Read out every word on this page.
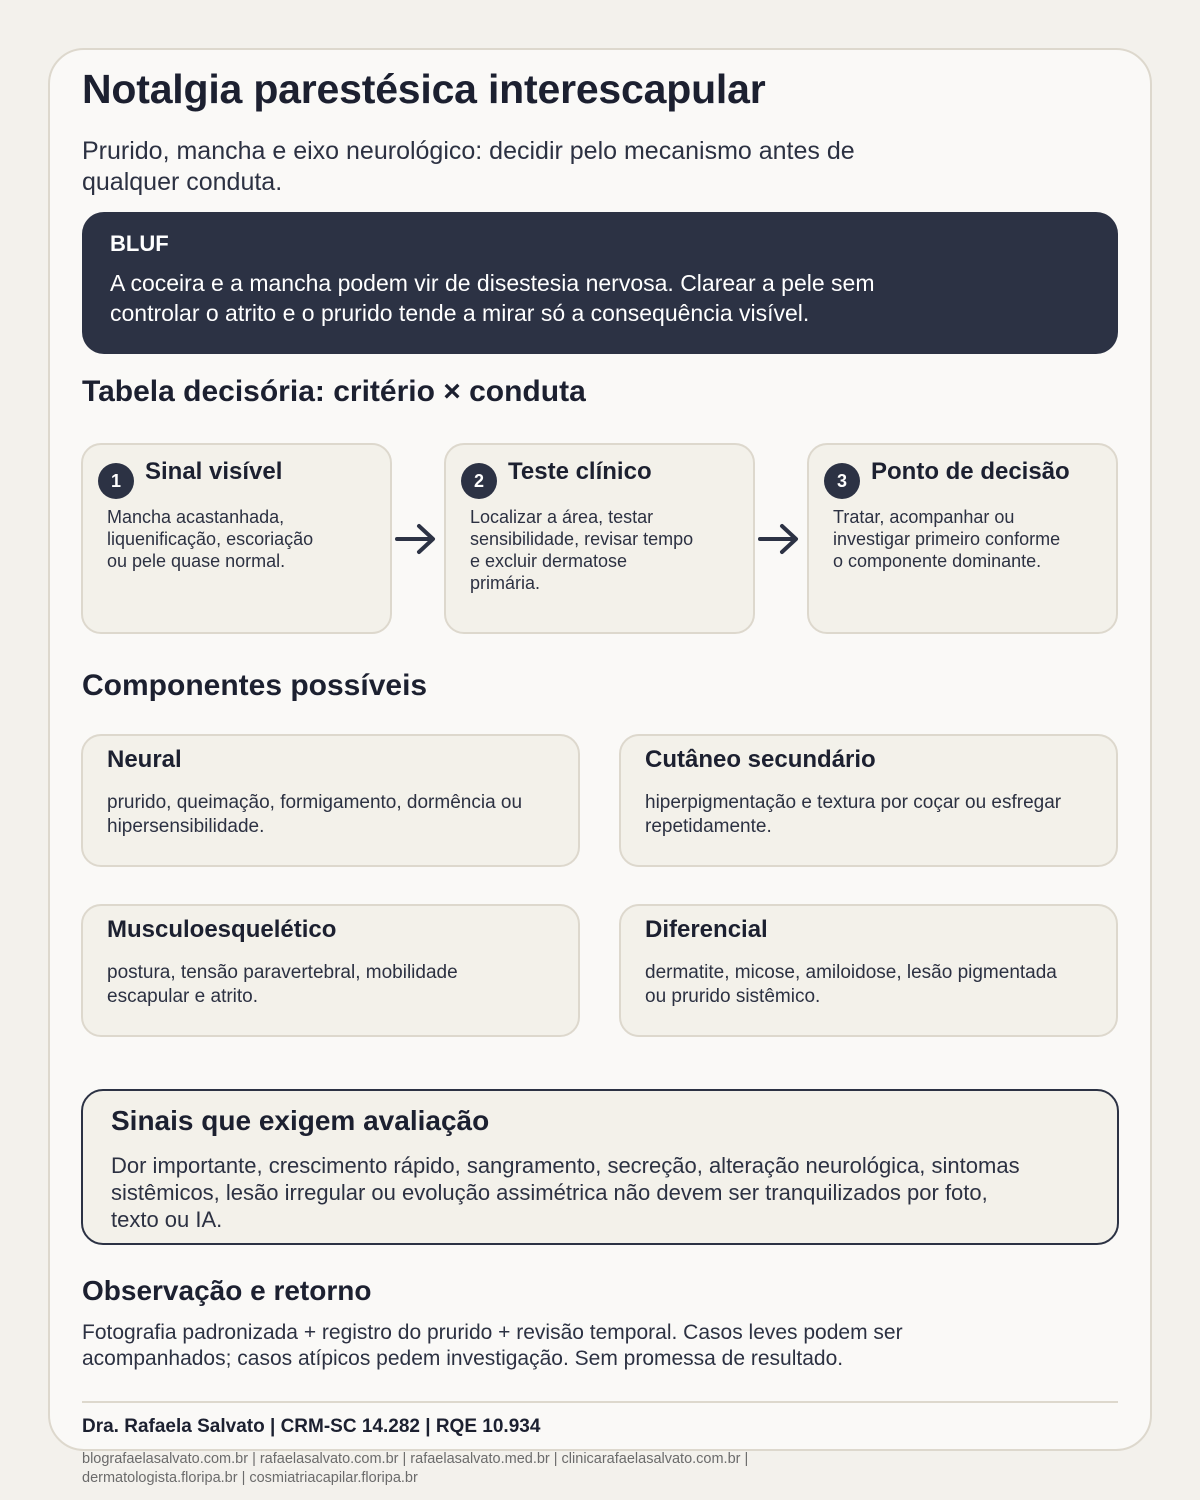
Notalgia parestésica interescapular

Prurido, mancha e eixo neurológico: decidir pelo mecanismo antes de qualquer conduta.

BLUF
A coceira e a mancha podem vir de disestesia nervosa. Clarear a pele sem controlar o atrito e o prurido tende a mirar só a consequência visível.
Tabela decisória: critério × conduta
1	Sinal visível
Mancha acastanhada, liquenificação, escoriação ou pele quase normal.
2	Teste clínico
Localizar a área, testar sensibilidade, revisar tempo e excluir dermatose primária.
3	Ponto de decisão
Tratar, acompanhar ou investigar primeiro conforme o componente dominante.
Componentes possíveis
Neural
prurido, queimação, formigamento, dormência ou hipersensibilidade.
Cutâneo secundário
hiperpigmentação e textura por coçar ou esfregar repetidamente.
Musculoesquelético
postura, tensão paravertebral, mobilidade escapular e atrito.
Diferencial
dermatite, micose, amiloidose, lesão pigmentada ou prurido sistêmico.
Sinais que exigem avaliação
Dor importante, crescimento rápido, sangramento, secreção, alteração neurológica, sintomas sistêmicos, lesão irregular ou evolução assimétrica não devem ser tranquilizados por foto, texto ou IA.
Observação e retorno

Fotografia padronizada + registro do prurido + revisão temporal. Casos leves podem ser acompanhados; casos atípicos pedem investigação. Sem promessa de resultado.

Dra. Rafaela Salvato | CRM-SC 14.282 | RQE 10.934
blografaelasalvato.com.br | rafaelasalvato.com.br | rafaelasalvato.med.br | clinicarafaelasalvato.com.br | dermatologista.floripa.br | cosmiatriacapilar.floripa.br
